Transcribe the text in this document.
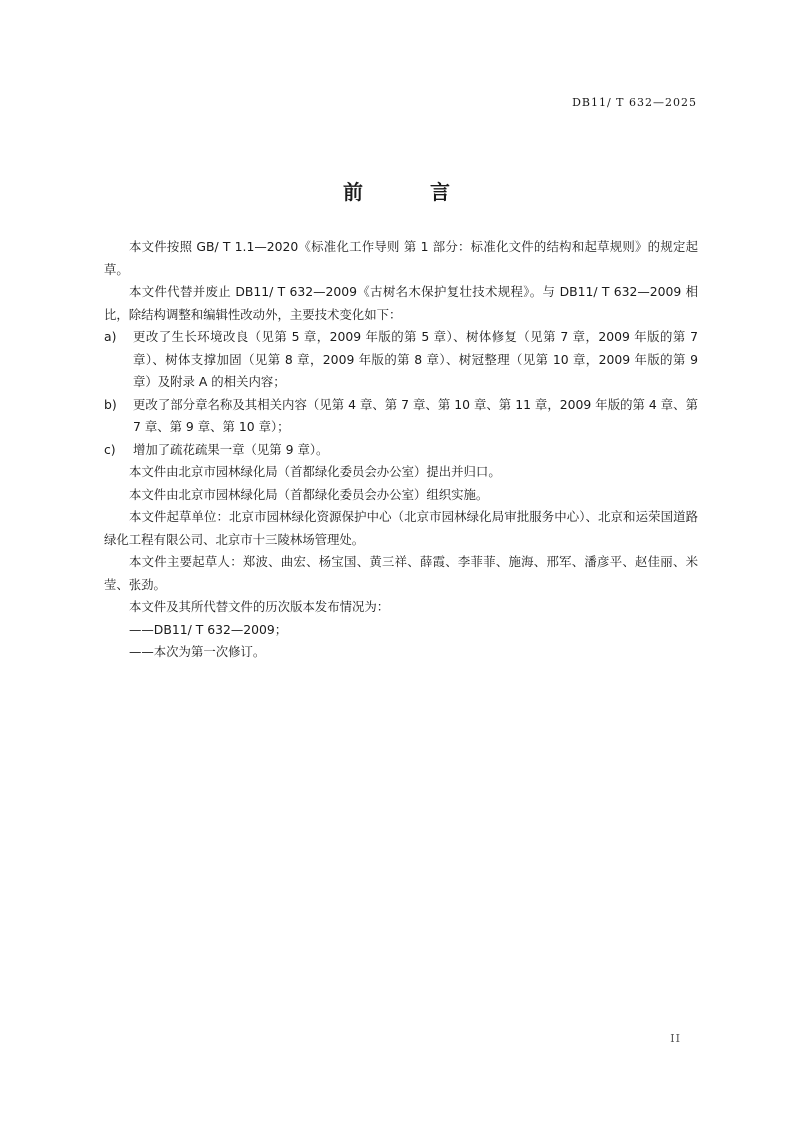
DB11/ T 632—2025
前 言

本文件按照 GB/ T 1.1—2020《标准化工作导则 第 1 部分：标准化文件的结构和起草规则》的规定起草。

本文件代替并废止 DB11/ T 632—2009《古树名木保护复壮技术规程》。与 DB11/ T 632—2009 相比，除结构调整和编辑性改动外，主要技术变化如下：

a) 更改了生长环境改良（见第 5 章，2009 年版的第 5 章）、树体修复（见第 7 章，2009 年版的第 7 章）、树体支撑加固（见第 8 章，2009 年版的第 8 章）、树冠整理（见第 10 章，2009 年版的第 9 章）及附录 A 的相关内容；

b) 更改了部分章名称及其相关内容（见第 4 章、第 7 章、第 10 章、第 11 章，2009 年版的第 4 章、第 7 章、第 9 章、第 10 章）；

c) 增加了疏花疏果一章（见第 9 章）。

本文件由北京市园林绿化局（首都绿化委员会办公室）提出并归口。

本文件由北京市园林绿化局（首都绿化委员会办公室）组织实施。

本文件起草单位：北京市园林绿化资源保护中心（北京市园林绿化局审批服务中心）、北京和运荣国道路绿化工程有限公司、北京市十三陵林场管理处。

本文件主要起草人：郑波、曲宏、杨宝国、黄三祥、薛霞、李菲菲、施海、邢军、潘彦平、赵佳丽、米莹、张劲。

本文件及其所代替文件的历次版本发布情况为：

——DB11/ T 632—2009；

——本次为第一次修订。

II
